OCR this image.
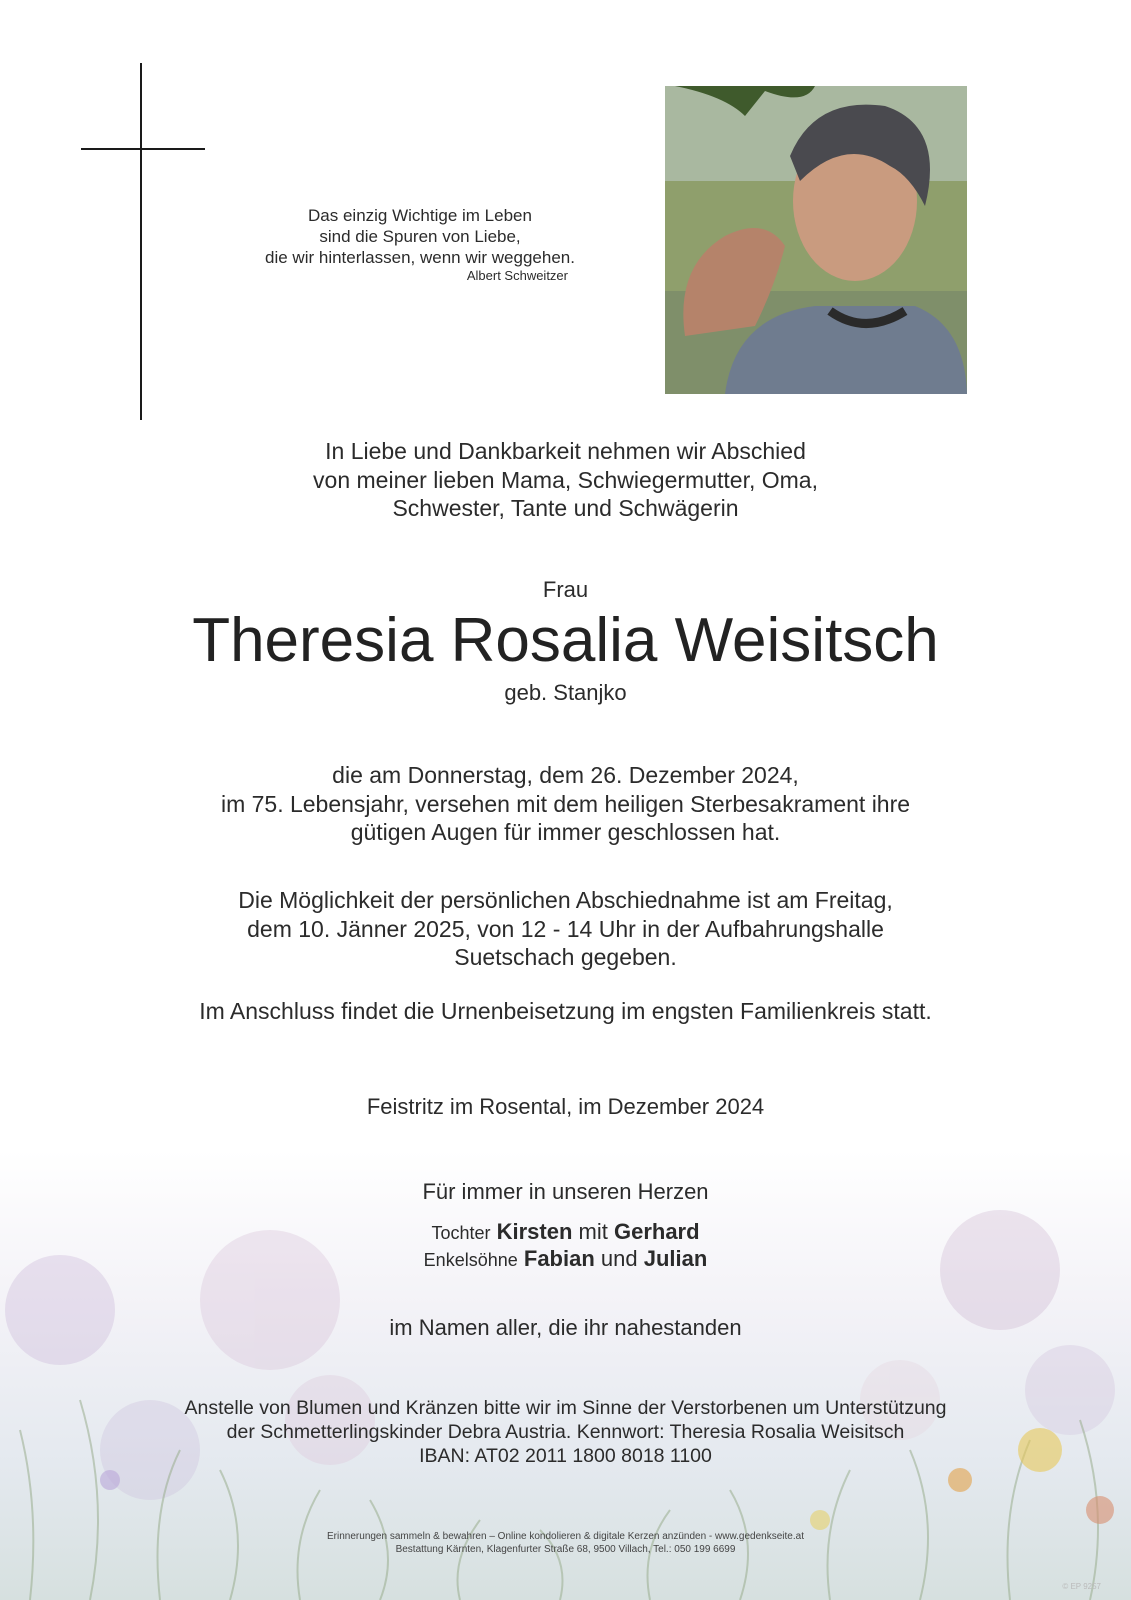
Das einzig Wichtige im Leben
sind die Spuren von Liebe,
die wir hinterlassen, wenn wir weggehen.
Albert Schweitzer
In Liebe und Dankbarkeit nehmen wir Abschied
von meiner lieben Mama, Schwiegermutter, Oma,
Schwester, Tante und Schwägerin
Frau
Theresia Rosalia Weisitsch
geb. Stanjko
die am Donnerstag, dem 26. Dezember 2024,
im 75. Lebensjahr, versehen mit dem heiligen Sterbesakrament ihre
gütigen Augen für immer geschlossen hat.
Die Möglichkeit der persönlichen Abschiednahme ist am Freitag,
dem 10. Jänner 2025, von 12 - 14 Uhr in der Aufbahrungshalle
Suetschach gegeben.
Im Anschluss findet die Urnenbeisetzung im engsten Familienkreis statt.
Feistritz im Rosental, im Dezember 2024
Für immer in unseren Herzen
Tochter Kirsten mit Gerhard
Enkelsöhne Fabian und Julian
im Namen aller, die ihr nahestanden
Anstelle von Blumen und Kränzen bitte wir im Sinne der Verstorbenen um Unterstützung
der Schmetterlingskinder Debra Austria. Kennwort: Theresia Rosalia Weisitsch
IBAN: AT02 2011 1800 8018 1100
Erinnerungen sammeln & bewahren – Online kondolieren & digitale Kerzen anzünden - www.gedenkseite.at
Bestattung Kärnten, Klagenfurter Straße 68, 9500 Villach, Tel.: 050 199 6699
© EP 9257
